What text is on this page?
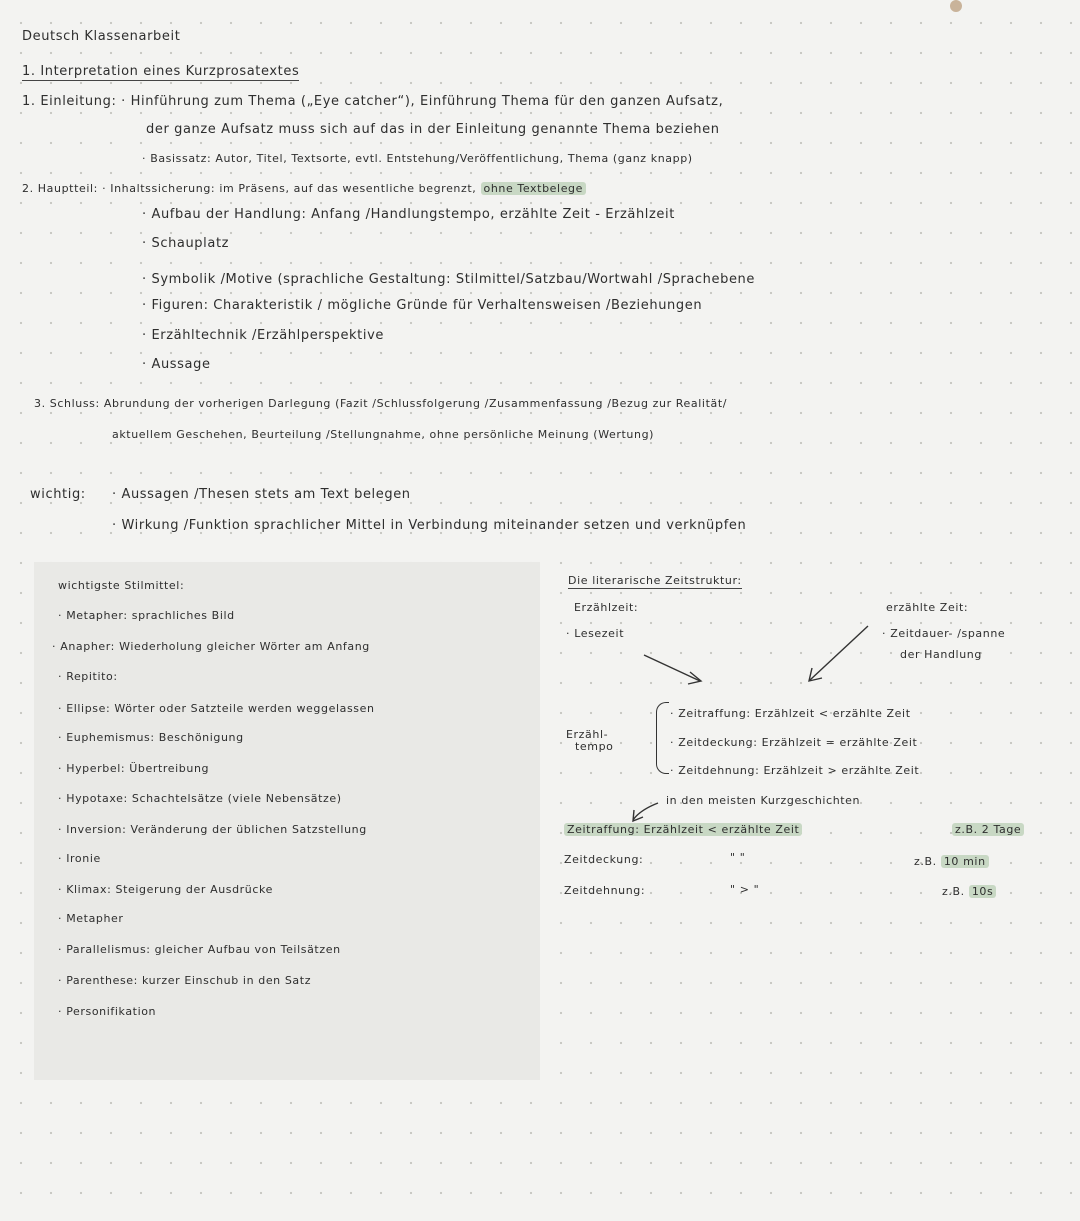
Deutsch Klassenarbeit
1. Interpretation eines Kurzprosatextes
1. Einleitung: · Hinführung zum Thema („Eye catcher“), Einführung Thema für den ganzen Aufsatz,
der ganze Aufsatz muss sich auf das in der Einleitung genannte Thema beziehen
· Basissatz: Autor, Titel, Textsorte, evtl. Entstehung/Veröffentlichung, Thema (ganz knapp)
2. Hauptteil: · Inhaltssicherung: im Präsens, auf das wesentliche begrenzt, ohne Textbelege
· Aufbau der Handlung: Anfang /Handlungstempo, erzählte Zeit - Erzählzeit
· Schauplatz
· Symbolik /Motive (sprachliche Gestaltung: Stilmittel/Satzbau/Wortwahl /Sprachebene
· Figuren: Charakteristik / mögliche Gründe für Verhaltensweisen /Beziehungen
· Erzähltechnik /Erzählperspektive
· Aussage
3. Schluss: Abrundung der vorherigen Darlegung (Fazit /Schlussfolgerung /Zusammenfassung /Bezug zur Realität/
aktuellem Geschehen, Beurteilung /Stellungnahme, ohne persönliche Meinung (Wertung)
wichtig: · Aussagen /Thesen stets am Text belegen
· Wirkung /Funktion sprachlicher Mittel in Verbindung miteinander setzen und verknüpfen
wichtigste Stilmittel:
· Metapher: sprachliches Bild
· Anapher: Wiederholung gleicher Wörter am Anfang
· Repitito:
· Ellipse: Wörter oder Satzteile werden weggelassen
· Euphemismus: Beschönigung
· Hyperbel: Übertreibung
· Hypotaxe: Schachtelsätze (viele Nebensätze)
· Inversion: Veränderung der üblichen Satzstellung
· Ironie
· Klimax: Steigerung der Ausdrücke
· Metapher
· Parallelismus: gleicher Aufbau von Teilsätzen
· Parenthese: kurzer Einschub in den Satz
· Personifikation
Die literarische Zeitstruktur:
Erzählzeit:
· Lesezeit
erzählte Zeit:
· Zeitdauer- /spanne
der Handlung
Erzähl-
tempo
· Zeitraffung: Erzählzeit < erzählte Zeit
· Zeitdeckung: Erzählzeit = erzählte Zeit
· Zeitdehnung: Erzählzeit > erzählte Zeit
in den meisten Kurzgeschichten
Zeitraffung: Erzählzeit < erzählte Zeit	z.B. 2 Tage
Zeitdeckung:	" "	z.B. 10 min
Zeitdehnung:	" > "	z.B. 10s
